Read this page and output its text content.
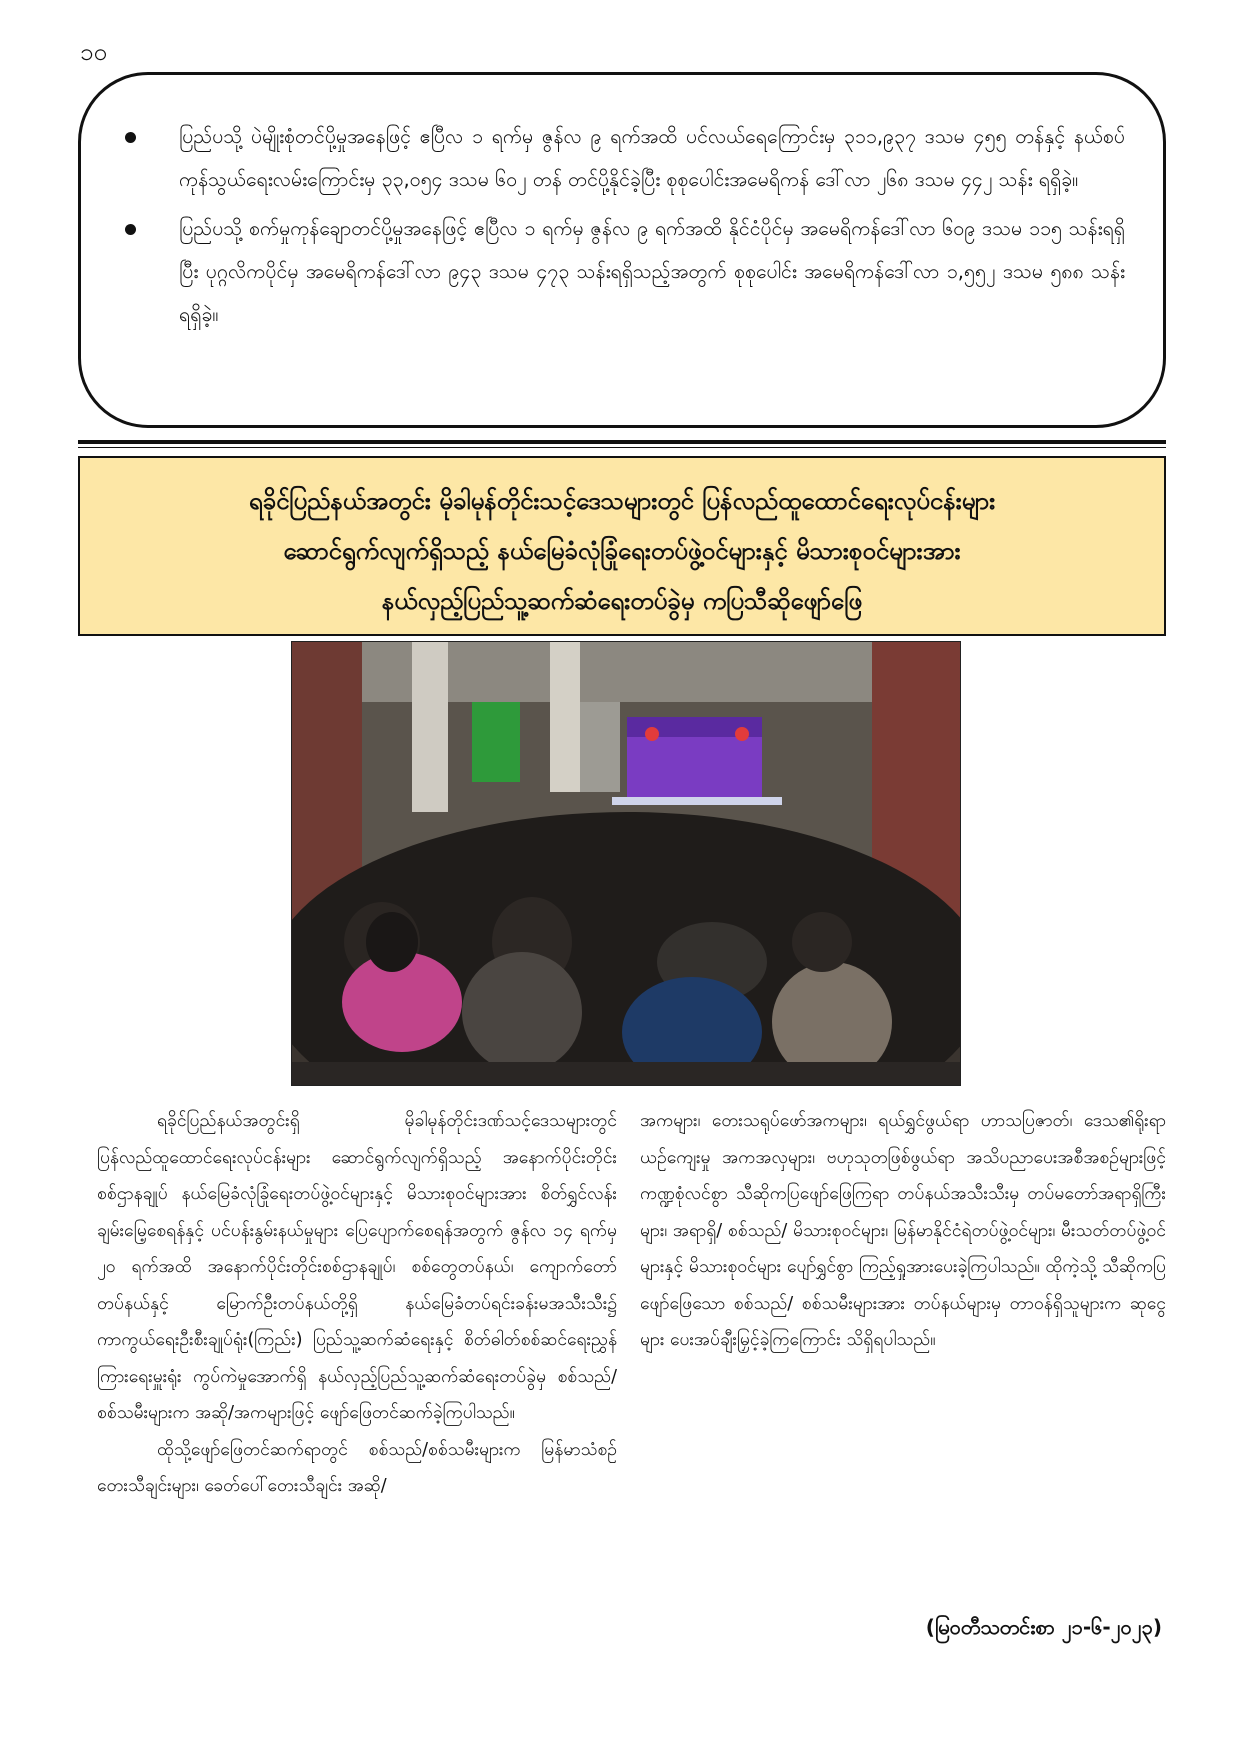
၁၀
ပြည်ပသို့ ပဲမျိုးစုံတင်ပို့မှုအနေဖြင့် ဧပြီလ ၁ ရက်မှ ဇွန်လ ၉ ရက်အထိ ပင်လယ်ရေကြောင်းမှ ၃၁၁,၉၃၇ ဒသမ ၄၅၅ တန်နှင့် နယ်စပ်ကုန်သွယ်ရေးလမ်းကြောင်းမှ ၃၃,၀၅၄ ဒသမ ၆၀၂ တန် တင်ပို့နိုင်ခဲ့ပြီး စုစုပေါင်းအမေရိကန် ဒေါ်လာ ၂၆၈ ဒသမ ၄၄၂ သန်း ရရှိခဲ့။
ပြည်ပသို့ စက်မှုကုန်ချောတင်ပို့မှုအနေဖြင့် ဧပြီလ ၁ ရက်မှ ဇွန်လ ၉ ရက်အထိ နိုင်ငံပိုင်မှ အမေရိကန်ဒေါ်လာ ၆၀၉ ဒသမ ၁၁၅ သန်းရရှိပြီး ပုဂ္ဂလိကပိုင်မှ အမေရိကန်ဒေါ်လာ ၉၄၃ ဒသမ ၄၇၃ သန်းရရှိသည့်အတွက် စုစုပေါင်း အမေရိကန်ဒေါ်လာ ၁,၅၅၂ ဒသမ ၅၈၈ သန်းရရှိခဲ့။
ရခိုင်ပြည်နယ်အတွင်း မိုခါမုန်တိုင်းသင့်ဒေသများတွင် ပြန်လည်ထူထောင်ရေးလုပ်ငန်းများ
ဆောင်ရွက်လျက်ရှိသည့် နယ်မြေခံလုံခြုံရေးတပ်ဖွဲ့ဝင်များနှင့် မိသားစုဝင်များအား
နယ်လှည့်ပြည်သူ့ဆက်ဆံရေးတပ်ခွဲမှ ကပြသီဆိုဖျော်ဖြေ

ရခိုင်ပြည်နယ်အတွင်းရှိ မိုခါမုန်တိုင်းဒဏ်သင့်ဒေသများတွင် ပြန်လည်ထူထောင်ရေးလုပ်ငန်းများ ဆောင်ရွက်လျက်ရှိသည့် အနောက်ပိုင်းတိုင်းစစ်ဌာနချုပ် နယ်မြေခံလုံခြုံရေးတပ်ဖွဲ့ဝင်များနှင့် မိသားစုဝင်များအား စိတ်ရွှင်လန်းချမ်းမြေ့စေရန်နှင့် ပင်ပန်းနွမ်းနယ်မှုများ ပြေပျောက်စေရန်အတွက် ဇွန်လ ၁၄ ရက်မှ ၂၀ ရက်အထိ အနောက်ပိုင်းတိုင်းစစ်ဌာနချုပ်၊ စစ်တွေတပ်နယ်၊ ကျောက်တော်တပ်နယ်နှင့် မြောက်ဦးတပ်နယ်တို့ရှိ နယ်မြေခံတပ်ရင်းခန်းမအသီးသီး၌ ကာကွယ်ရေးဦးစီးချုပ်ရုံး(ကြည်း) ပြည်သူ့ဆက်ဆံရေးနှင့် စိတ်ဓါတ်စစ်ဆင်ရေးညွှန်ကြားရေးမှူးရုံး ကွပ်ကဲမှုအောက်ရှိ နယ်လှည့်ပြည်သူ့ဆက်ဆံရေးတပ်ခွဲမှ စစ်သည်/စစ်သမီးများက အဆို/အကများဖြင့် ဖျော်ဖြေတင်ဆက်ခဲ့ကြပါသည်။

ထိုသို့ဖျော်ဖြေတင်ဆက်ရာတွင် စစ်သည်/စစ်သမီးများက မြန်မာသံစဉ် တေးသီချင်းများ၊ ခေတ်ပေါ်တေးသီချင်း အဆို/

အကများ၊ တေးသရုပ်ဖော်အကများ၊ ရယ်ရွှင်ဖွယ်ရာ ဟာသပြဇာတ်၊ ဒေသ၏ရိုးရာယဉ်ကျေးမှု အကအလှများ၊ ဗဟုသုတဖြစ်ဖွယ်ရာ အသိပညာပေးအစီအစဉ်များဖြင့် ကဏ္ဍစုံလင်စွာ သီဆိုကပြဖျော်ဖြေကြရာ တပ်နယ်အသီးသီးမှ တပ်မတော်အရာရှိကြီးများ၊ အရာရှိ/ စစ်သည်/ မိသားစုဝင်များ၊ မြန်မာနိုင်ငံရဲတပ်ဖွဲ့ဝင်များ၊ မီးသတ်တပ်ဖွဲ့ဝင်များနှင့် မိသားစုဝင်များ ပျော်ရွှင်စွာ ကြည့်ရှုအားပေးခဲ့ကြပါသည်။ ထိုကဲ့သို့ သီဆိုကပြဖျော်ဖြေသော စစ်သည်/ စစ်သမီးများအား တပ်နယ်များမှ တာဝန်ရှိသူများက ဆုငွေများ ပေးအပ်ချီးမြှင့်ခဲ့ကြကြောင်း သိရှိရပါသည်။

(မြဝတီသတင်းစာ ၂၁-၆-၂၀၂၃)
